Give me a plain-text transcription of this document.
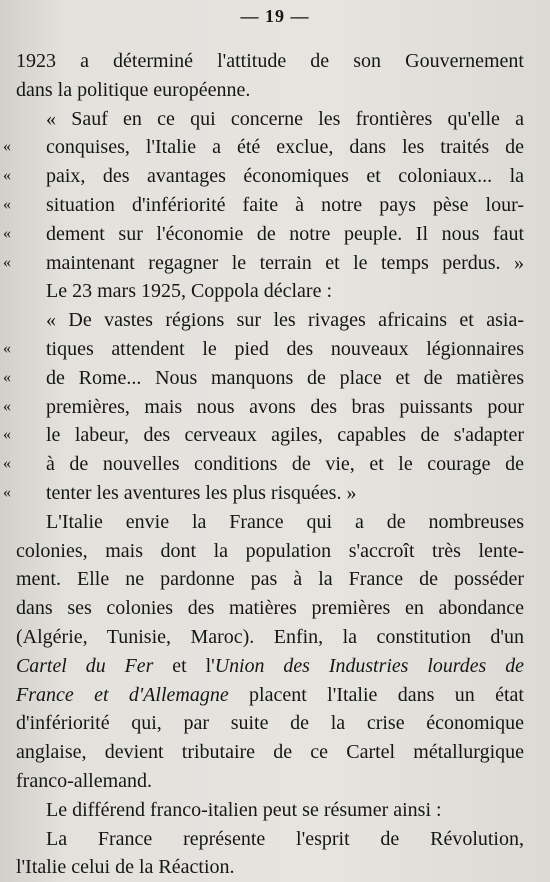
— 19 —
1923 a déterminé l'attitude de son Gouvernement
dans la politique européenne.
« Sauf en ce qui concerne les frontières qu'elle a
« conquises, l'Italie a été exclue, dans les traités de
« paix, des avantages économiques et coloniaux... la
« situation d'infériorité faite à notre pays pèse lour-
« dement sur l'économie de notre peuple. Il nous faut
« maintenant regagner le terrain et le temps perdus. »
Le 23 mars 1925, Coppola déclare :
« De vastes régions sur les rivages africains et asia-
« tiques attendent le pied des nouveaux légionnaires
« de Rome... Nous manquons de place et de matières
« premières, mais nous avons des bras puissants pour
« le labeur, des cerveaux agiles, capables de s'adapter
« à de nouvelles conditions de vie, et le courage de
« tenter les aventures les plus risquées. »
L'Italie envie la France qui a de nombreuses
colonies, mais dont la population s'accroît très lente-
ment. Elle ne pardonne pas à la France de posséder
dans ses colonies des matières premières en abondance
(Algérie, Tunisie, Maroc). Enfin, la constitution d'un
Cartel du Fer et l'Union des Industries lourdes de
France et d'Allemagne placent l'Italie dans un état
d'infériorité qui, par suite de la crise économique
anglaise, devient tributaire de ce Cartel métallurgique
franco-allemand.
Le différend franco-italien peut se résumer ainsi :
La France représente l'esprit de Révolution,
l'Italie celui de la Réaction.
